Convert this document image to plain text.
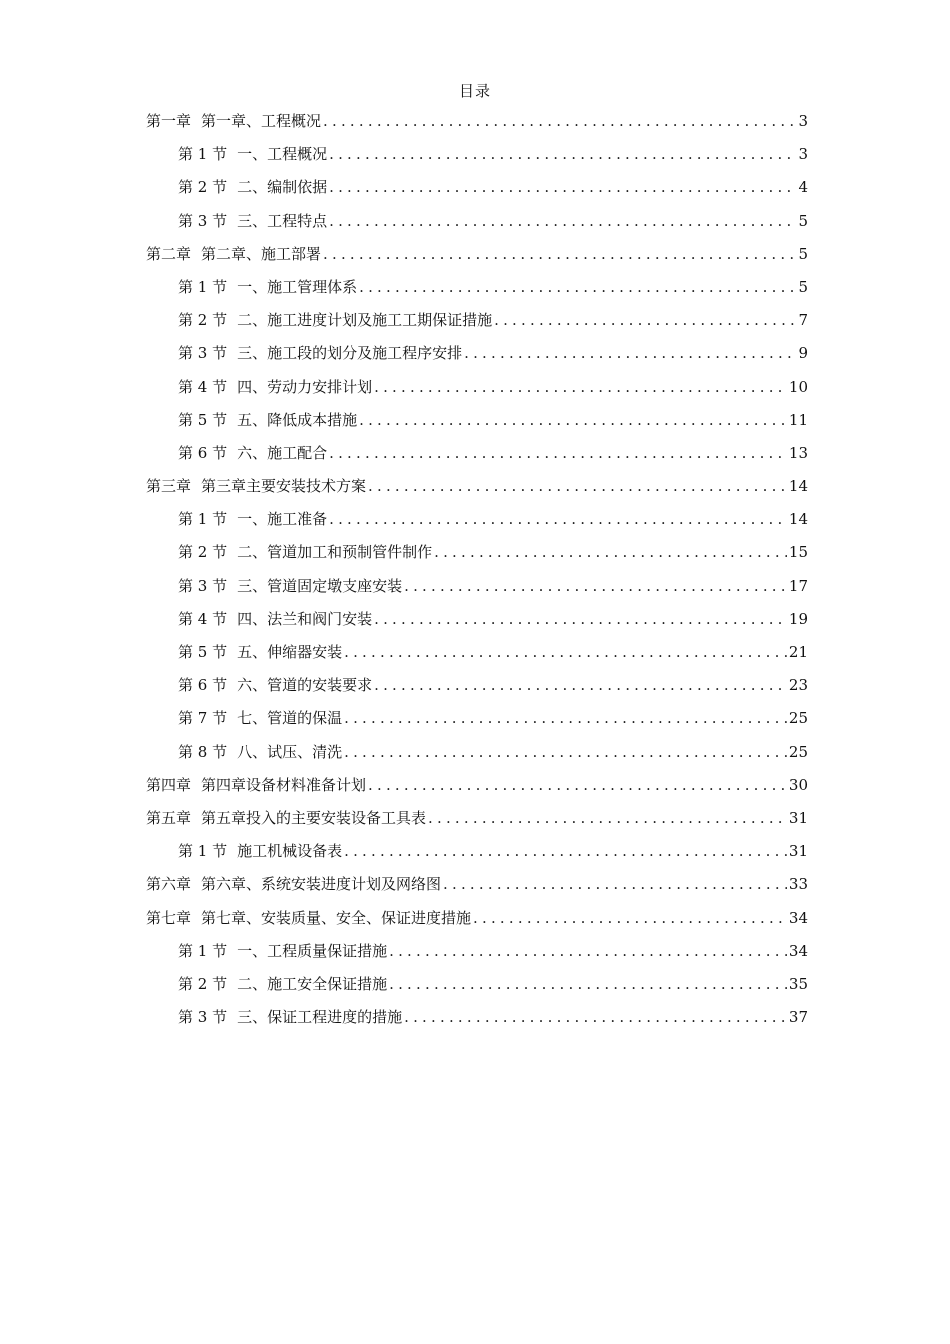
目录
第一章 第一章、工程概况 .....	3
第 1 节 一、工程概况 .....	3
第 2 节 二、编制依据 .....	4
第 3 节 三、工程特点 .....	5
第二章 第二章、施工部署 .....	5
第 1 节 一、施工管理体系 .....	5
第 2 节 二、施工进度计划及施工工期保证措施 .....	7
第 3 节 三、施工段的划分及施工程序安排 .....	9
第 4 节 四、劳动力安排计划 .....	10
第 5 节 五、降低成本措施 .....	11
第 6 节 六、施工配合 .....	13
第三章 第三章主要安装技术方案 .....	14
第 1 节 一、施工准备 .....	14
第 2 节 二、管道加工和预制管件制作 .....	15
第 3 节 三、管道固定墩支座安装 .....	17
第 4 节 四、法兰和阀门安装 .....	19
第 5 节 五、伸缩器安装 .....	21
第 6 节 六、管道的安装要求 .....	23
第 7 节 七、管道的保温 .....	25
第 8 节 八、试压、清洗 .....	25
第四章 第四章设备材料准备计划 .....	30
第五章 第五章投入的主要安装设备工具表 .....	31
第 1 节 施工机械设备表 .....	31
第六章 第六章、系统安装进度计划及网络图 .....	33
第七章 第七章、安装质量、安全、保证进度措施 .....	34
第 1 节 一、工程质量保证措施 .....	34
第 2 节 二、施工安全保证措施 .....	35
第 3 节 三、保证工程进度的措施 .....	37
